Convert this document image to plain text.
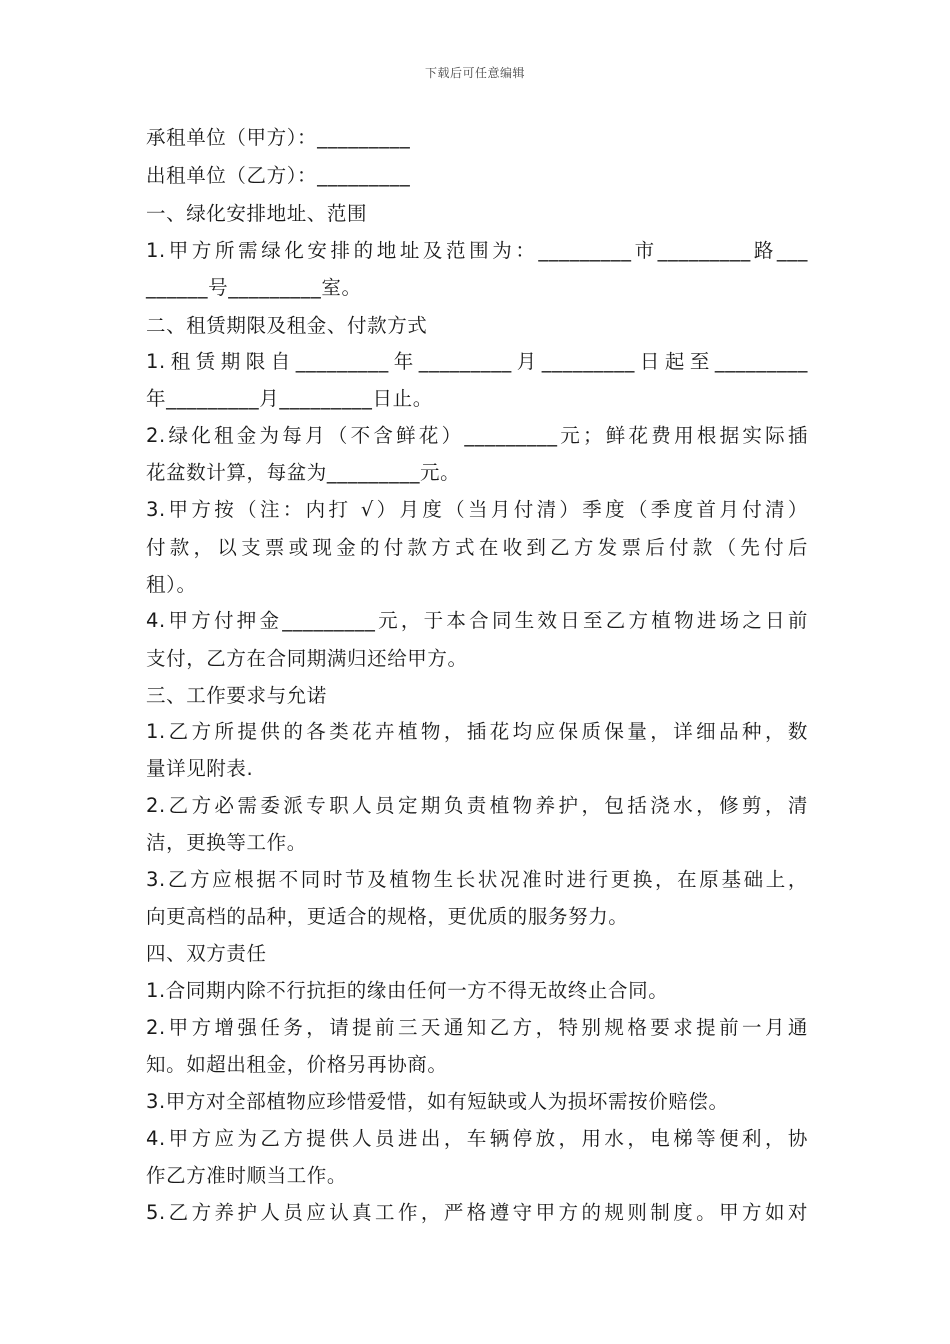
下载后可任意编辑
承租单位（甲方）：_________
出租单位（乙方）：_________
一、绿化安排地址、范围
1.甲方所需绿化安排的地址及范围为：_________市_________路___
______号_________室。
二、租赁期限及租金、付款方式
1.租赁期限自_________年_________月_________日起至_________
年_________月_________日止。
2.绿化租金为每月（不含鲜花）_________元；鲜花费用根据实际插
花盆数计算，每盆为_________元。
3.甲方按（注：内打 √）月度（当月付清）季度（季度首月付清）
付款，以支票或现金的付款方式在收到乙方发票后付款（先付后
租）。
4.甲方付押金_________元，于本合同生效日至乙方植物进场之日前
支付，乙方在合同期满归还给甲方。
三、工作要求与允诺
1.乙方所提供的各类花卉植物，插花均应保质保量，详细品种，数
量详见附表.
2.乙方必需委派专职人员定期负责植物养护，包括浇水，修剪，清
洁，更换等工作。
3.乙方应根据不同时节及植物生长状况准时进行更换，在原基础上，
向更高档的品种，更适合的规格，更优质的服务努力。
四、双方责任
1.合同期内除不行抗拒的缘由任何一方不得无故终止合同。
2.甲方增强任务，请提前三天通知乙方，特别规格要求提前一月通
知。如超出租金，价格另再协商。
3.甲方对全部植物应珍惜爱惜，如有短缺或人为损坏需按价赔偿。
4.甲方应为乙方提供人员进出，车辆停放，用水，电梯等便利，协
作乙方准时顺当工作。
5.乙方养护人员应认真工作，严格遵守甲方的规则制度。甲方如对
